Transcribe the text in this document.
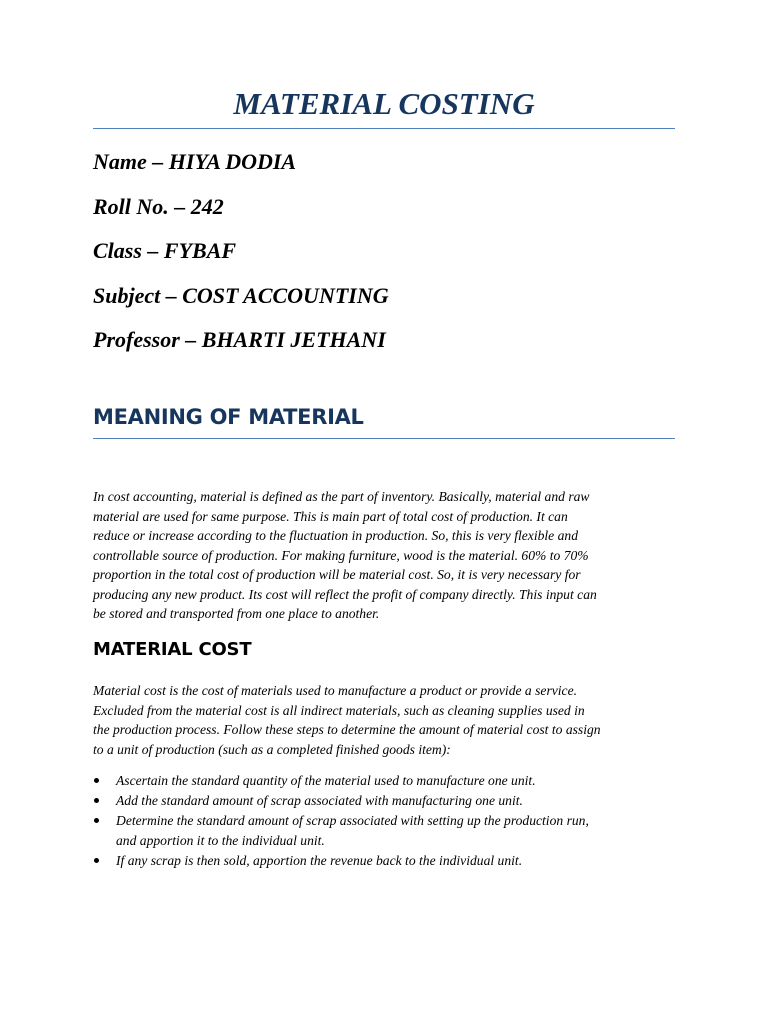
MATERIAL COSTING

Name – HIYA DODIA

Roll No. – 242

Class – FYBAF

Subject – COST ACCOUNTING

Professor – BHARTI JETHANI

MEANING OF MATERIAL

In cost accounting, material is defined as the part of inventory. Basically, material and raw
material are used for same purpose. This is main part of total cost of production. It can
reduce or increase according to the fluctuation in production. So, this is very flexible and
controllable source of production. For making furniture, wood is the material. 60% to 70%
proportion in the total cost of production will be material cost. So, it is very necessary for
producing any new product. Its cost will reflect the profit of company directly. This input can
be stored and transported from one place to another.

MATERIAL COST

Material cost is the cost of materials used to manufacture a product or provide a service.
Excluded from the material cost is all indirect materials, such as cleaning supplies used in
the production process. Follow these steps to determine the amount of material cost to assign
to a unit of production (such as a completed finished goods item):

Ascertain the standard quantity of the material used to manufacture one unit.
Add the standard amount of scrap associated with manufacturing one unit.
Determine the standard amount of scrap associated with setting up the production run,
and apportion it to the individual unit.
If any scrap is then sold, apportion the revenue back to the individual unit.
